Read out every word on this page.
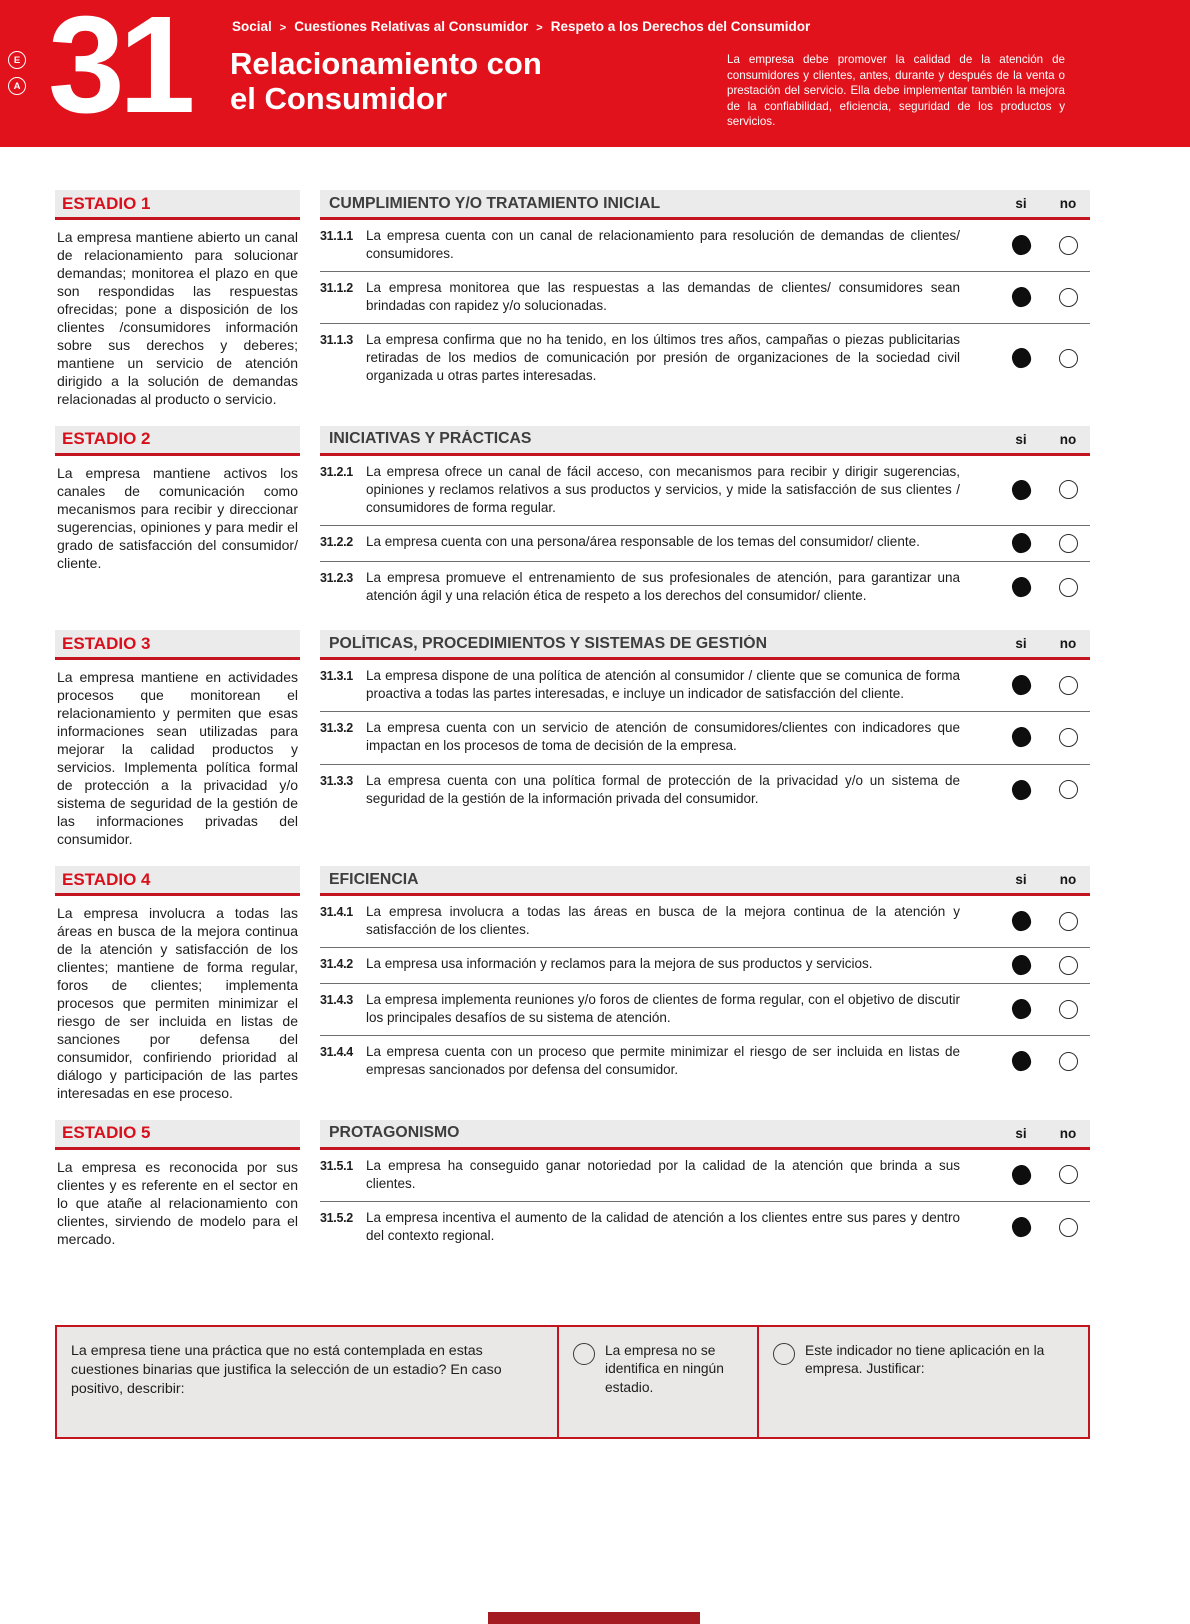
E
A 31	Social > Cuestiones Relativas al Consumidor > Respeto a los Derechos del Consumidor
Relacionamiento con el Consumidor
La empresa debe promover la calidad de la atención de consumidores y clientes, antes, durante y después de la venta o prestación del servicio. Ella debe implementar también la mejora de la confiabilidad, eficiencia, seguridad de los productos y servicios.
ESTADIO 1

La empresa mantiene abierto un canal de relacionamiento para solucionar demandas; monitorea el plazo en que son respondidas las respuestas ofrecidas; pone a disposición de los clientes /consumidores información sobre sus derechos y deberes; mantiene un servicio de atención dirigido a la solución de demandas relacionadas al producto o servicio.

CUMPLIMIENTO Y/O TRATAMIENTO INICIAL	si	no
31.1.1 La empresa cuenta con un canal de relacionamiento para resolución de demandas de clientes/ consumidores.
31.1.2 La empresa monitorea que las respuestas a las demandas de clientes/ consumidores sean brindadas con rapidez y/o solucionadas.
31.1.3 La empresa confirma que no ha tenido, en los últimos tres años, campañas o piezas publicitarias retiradas de los medios de comunicación por presión de organizaciones de la sociedad civil organizada u otras partes interesadas.
ESTADIO 2

La empresa mantiene activos los canales de comunicación como mecanismos para recibir y direccionar sugerencias, opiniones y para medir el grado de satisfacción del consumidor/ cliente.

INICIATIVAS Y PRÁCTICAS	si	no
31.2.1 La empresa ofrece un canal de fácil acceso, con mecanismos para recibir y dirigir sugerencias, opiniones y reclamos relativos a sus productos y servicios, y mide la satisfacción de sus clientes / consumidores de forma regular.
31.2.2 La empresa cuenta con una persona/área responsable de los temas del consumidor/ cliente.
31.2.3 La empresa promueve el entrenamiento de sus profesionales de atención, para garantizar una atención ágil y una relación ética de respeto a los derechos del consumidor/ cliente.
ESTADIO 3

La empresa mantiene en actividades procesos que monitorean el relacionamiento y permiten que esas informaciones sean utilizadas para mejorar la calidad productos y servicios. Implementa política formal de protección a la privacidad y/o sistema de seguridad de la gestión de las informaciones privadas del consumidor.

POLÍTICAS, PROCEDIMIENTOS Y SISTEMAS DE GESTIÓN	si	no
31.3.1 La empresa dispone de una política de atención al consumidor / cliente que se comunica de forma proactiva a todas las partes interesadas, e incluye un indicador de satisfacción del cliente.
31.3.2 La empresa cuenta con un servicio de atención de consumidores/clientes con indicadores que impactan en los procesos de toma de decisión de la empresa.
31.3.3 La empresa cuenta con una política formal de protección de la privacidad y/o un sistema de seguridad de la gestión de la información privada del consumidor.
ESTADIO 4

La empresa involucra a todas las áreas en busca de la mejora continua de la atención y satisfacción de los clientes; mantiene de forma regular, foros de clientes; implementa procesos que permiten minimizar el riesgo de ser incluida en listas de sanciones por defensa del consumidor, confiriendo prioridad al diálogo y participación de las partes interesadas en ese proceso.

EFICIENCIA	si	no
31.4.1 La empresa involucra a todas las áreas en busca de la mejora continua de la atención y satisfacción de los clientes.
31.4.2 La empresa usa información y reclamos para la mejora de sus productos y servicios.
31.4.3 La empresa implementa reuniones y/o foros de clientes de forma regular, con el objetivo de discutir los principales desafíos de su sistema de atención.
31.4.4 La empresa cuenta con un proceso que permite minimizar el riesgo de ser incluida en listas de empresas sancionados por defensa del consumidor.
ESTADIO 5

La empresa es reconocida por sus clientes y es referente en el sector en lo que atañe al relacionamiento con clientes, sirviendo de modelo para el mercado.

PROTAGONISMO	si	no
31.5.1 La empresa ha conseguido ganar notoriedad por la calidad de la atención que brinda a sus clientes.
31.5.2 La empresa incentiva el aumento de la calidad de atención a los clientes entre sus pares y dentro del contexto regional.
La empresa tiene una práctica que no está contemplada en estas cuestiones binarias que justifica la selección de un estadio? En caso positivo, describir:
La empresa no se identifica en ningún estadio.
Este indicador no tiene aplicación en la empresa. Justificar:
